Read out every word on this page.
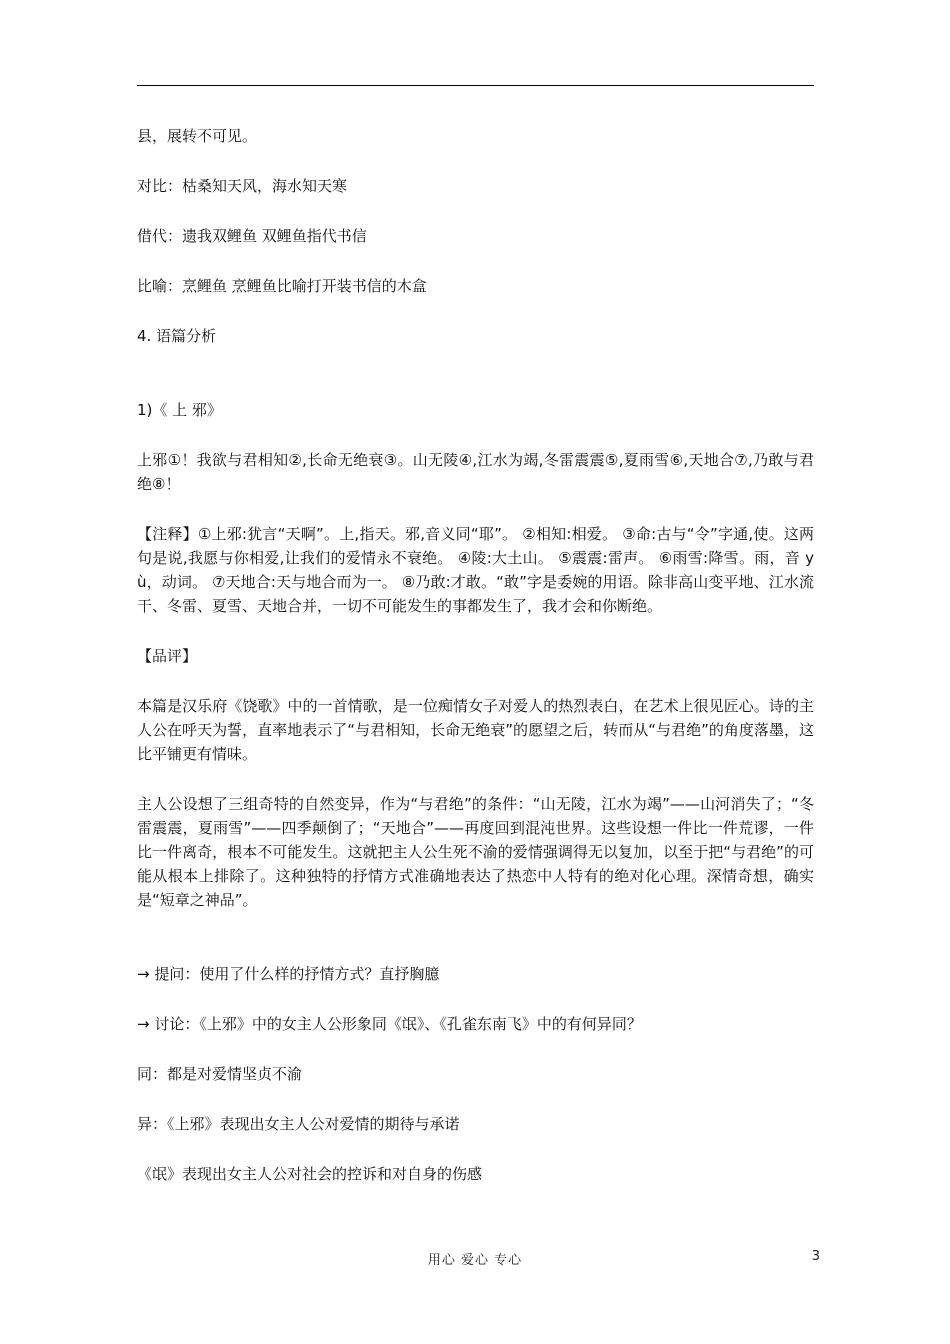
县，展转不可见。

对比：枯桑知天风，海水知天寒

借代：遗我双鲤鱼 双鲤鱼指代书信

比喻：烹鲤鱼 烹鲤鱼比喻打开装书信的木盒

4. 语篇分析

1)《 上 邪》

上邪①！我欲与君相知②,长命无绝衰③。山无陵④,江水为竭,冬雷震震⑤,夏雨雪⑥,天地合⑦,乃敢与君绝⑧！

【注释】①上邪:犹言“天啊”。上,指天。邪,音义同“耶”。 ②相知:相爱。 ③命:古与“令”字通,使。这两句是说,我愿与你相爱,让我们的爱情永不衰绝。 ④陵:大土山。 ⑤震震:雷声。 ⑥雨雪:降雪。雨，音 yù，动词。 ⑦天地合:天与地合而为一。 ⑧乃敢:才敢。“敢”字是委婉的用语。除非高山变平地、江水流干、冬雷、夏雪、天地合并，一切不可能发生的事都发生了，我才会和你断绝。

【品评】

本篇是汉乐府《饶歌》中的一首情歌，是一位痴情女子对爱人的热烈表白，在艺术上很见匠心。诗的主人公在呼天为誓，直率地表示了“与君相知，长命无绝衰”的愿望之后，转而从“与君绝”的角度落墨，这比平铺更有情味。

主人公设想了三组奇特的自然变异，作为“与君绝”的条件：“山无陵，江水为竭”——山河消失了；“冬雷震震，夏雨雪”——四季颠倒了；“天地合”——再度回到混沌世界。这些设想一件比一件荒谬，一件比一件离奇，根本不可能发生。这就把主人公生死不渝的爱情强调得无以复加，以至于把“与君绝”的可能从根本上排除了。这种独特的抒情方式准确地表达了热恋中人特有的绝对化心理。深情奇想，确实是“短章之神品”。

→ 提问：使用了什么样的抒情方式？直抒胸臆

→ 讨论：《上邪》中的女主人公形象同《氓》、《孔雀东南飞》中的有何异同？

同：都是对爱情坚贞不渝

异：《上邪》表现出女主人公对爱情的期待与承诺

《氓》表现出女主人公对社会的控诉和对自身的伤感

用心 爱心 专心	3
